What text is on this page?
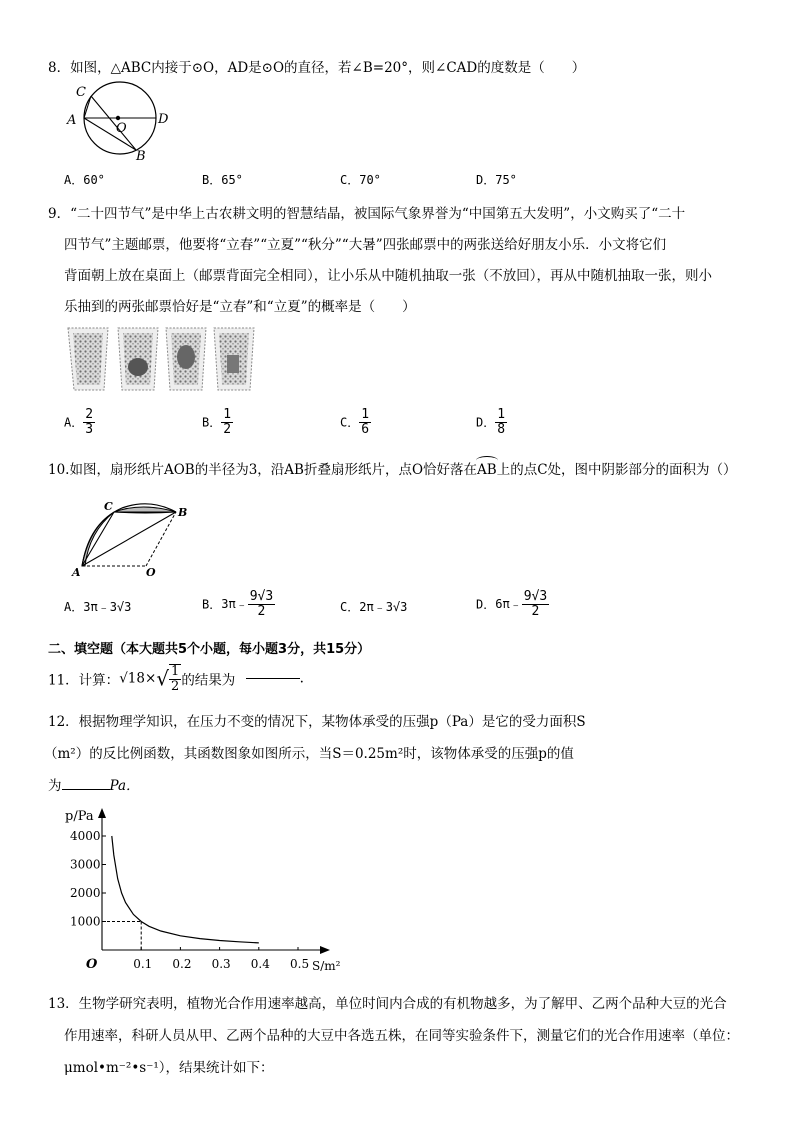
8．如图，△ABC内接于⊙O，AD是⊙O的直径，若∠B=20°，则∠CAD的度数是（　　）
C
A
O
D
B
A．60°	B．65°	C．70°	D．75°
9．“二十四节气”是中华上古农耕文明的智慧结晶，被国际气象界誉为“中国第五大发明”，小文购买了“二十
四节气”主题邮票，他要将“立春”“立夏”“秋分”“大暑”四张邮票中的两张送给好朋友小乐．小文将它们
背面朝上放在桌面上（邮票背面完全相同），让小乐从中随机抽取一张（不放回），再从中随机抽取一张，则小
乐抽到的两张邮票恰好是“立春”和“立夏”的概率是（　　）
A． $\frac{2}{3}$	B． $\frac{1}{2}$	C． $\frac{1}{6}$	D． $\frac{1}{8}$
10.如图，扇形纸片AOB的半径为3，沿AB折叠扇形纸片，点O恰好落在
AB上的点C处，图中阴影部分的面积为（）
C	B
A	O
A．3π﹣3√3	B．3π﹣ $\frac{9√3}{2}$	C．2π﹣3√3	D．6π﹣ $\frac{9√3}{2}$
二、填空题（本大题共5个小题，每小题3分，共15分）
11．计算：$√18\times√ \frac{1}{2}$ 的结果为	.
12．根据物理学知识，在压力不变的情况下，某物体承受的压强p（Pa）是它的受力面积S
（m²）的反比例函数，其函数图象如图所示，当S＝0.25m²时，该物体承受的压强p的值
为	Pa．
p/Pa
S/m²
O
1000
2000
3000
4000
0.1 0.2 0.3 0.4 0.5
13．生物学研究表明，植物光合作用速率越高，单位时间内合成的有机物越多，为了解甲、乙两个品种大豆的光合
作用速率，科研人员从甲、乙两个品种的大豆中各选五株，在同等实验条件下，测量它们的光合作用速率（单位：
μmol•m⁻²•s⁻¹），结果统计如下：
